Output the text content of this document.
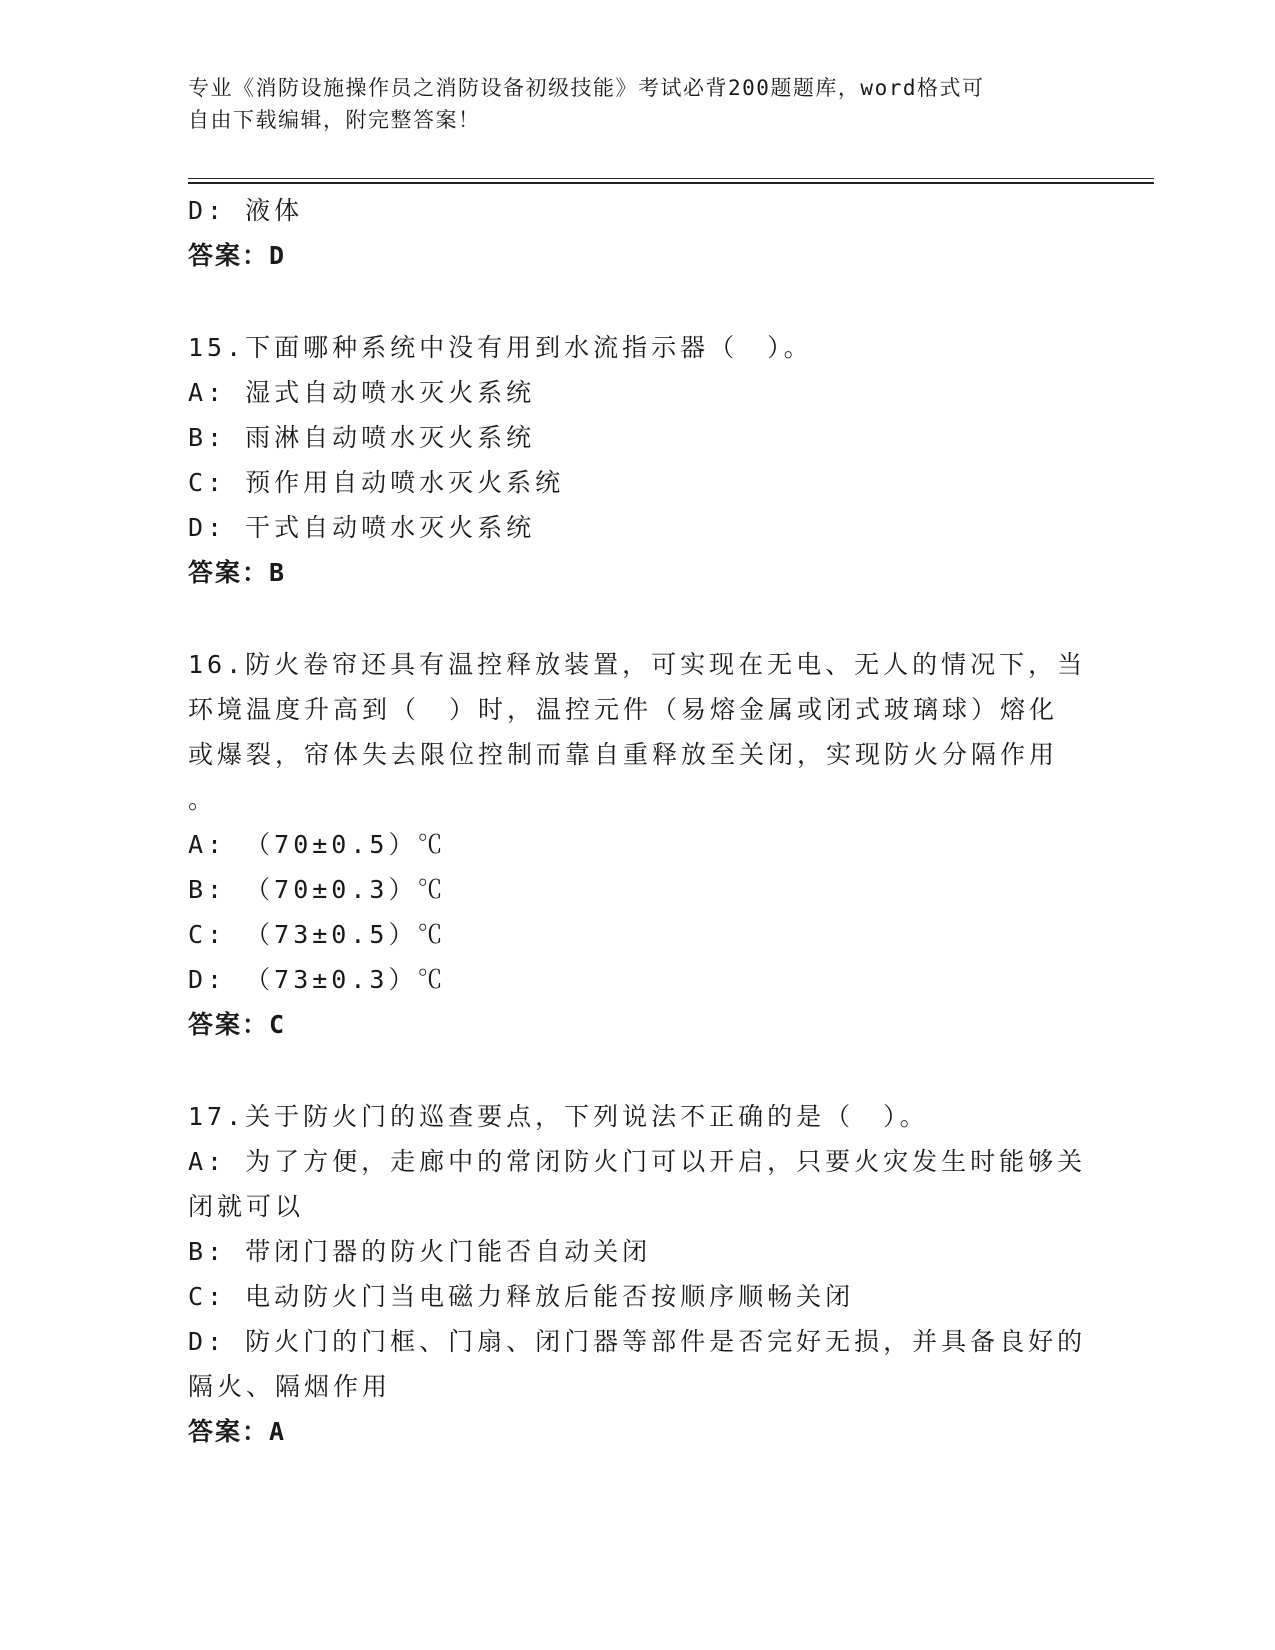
专业《消防设施操作员之消防设备初级技能》考试必背200题题库，word格式可
自由下载编辑，附完整答案！
D: 液体
答案：D
15.下面哪种系统中没有用到水流指示器（　）。
A: 湿式自动喷水灭火系统
B: 雨淋自动喷水灭火系统
C: 预作用自动喷水灭火系统
D: 干式自动喷水灭火系统
答案：B
16.防火卷帘还具有温控释放装置，可实现在无电、无人的情况下，当
环境温度升高到（　）时，温控元件（易熔金属或闭式玻璃球）熔化
或爆裂，帘体失去限位控制而靠自重释放至关闭，实现防火分隔作用
。
A: （70±0.5）℃
B: （70±0.3）℃
C: （73±0.5）℃
D: （73±0.3）℃
答案：C
17.关于防火门的巡查要点，下列说法不正确的是（　）。
A: 为了方便，走廊中的常闭防火门可以开启，只要火灾发生时能够关
闭就可以
B: 带闭门器的防火门能否自动关闭
C: 电动防火门当电磁力释放后能否按顺序顺畅关闭
D: 防火门的门框、门扇、闭门器等部件是否完好无损，并具备良好的
隔火、隔烟作用
答案：A
